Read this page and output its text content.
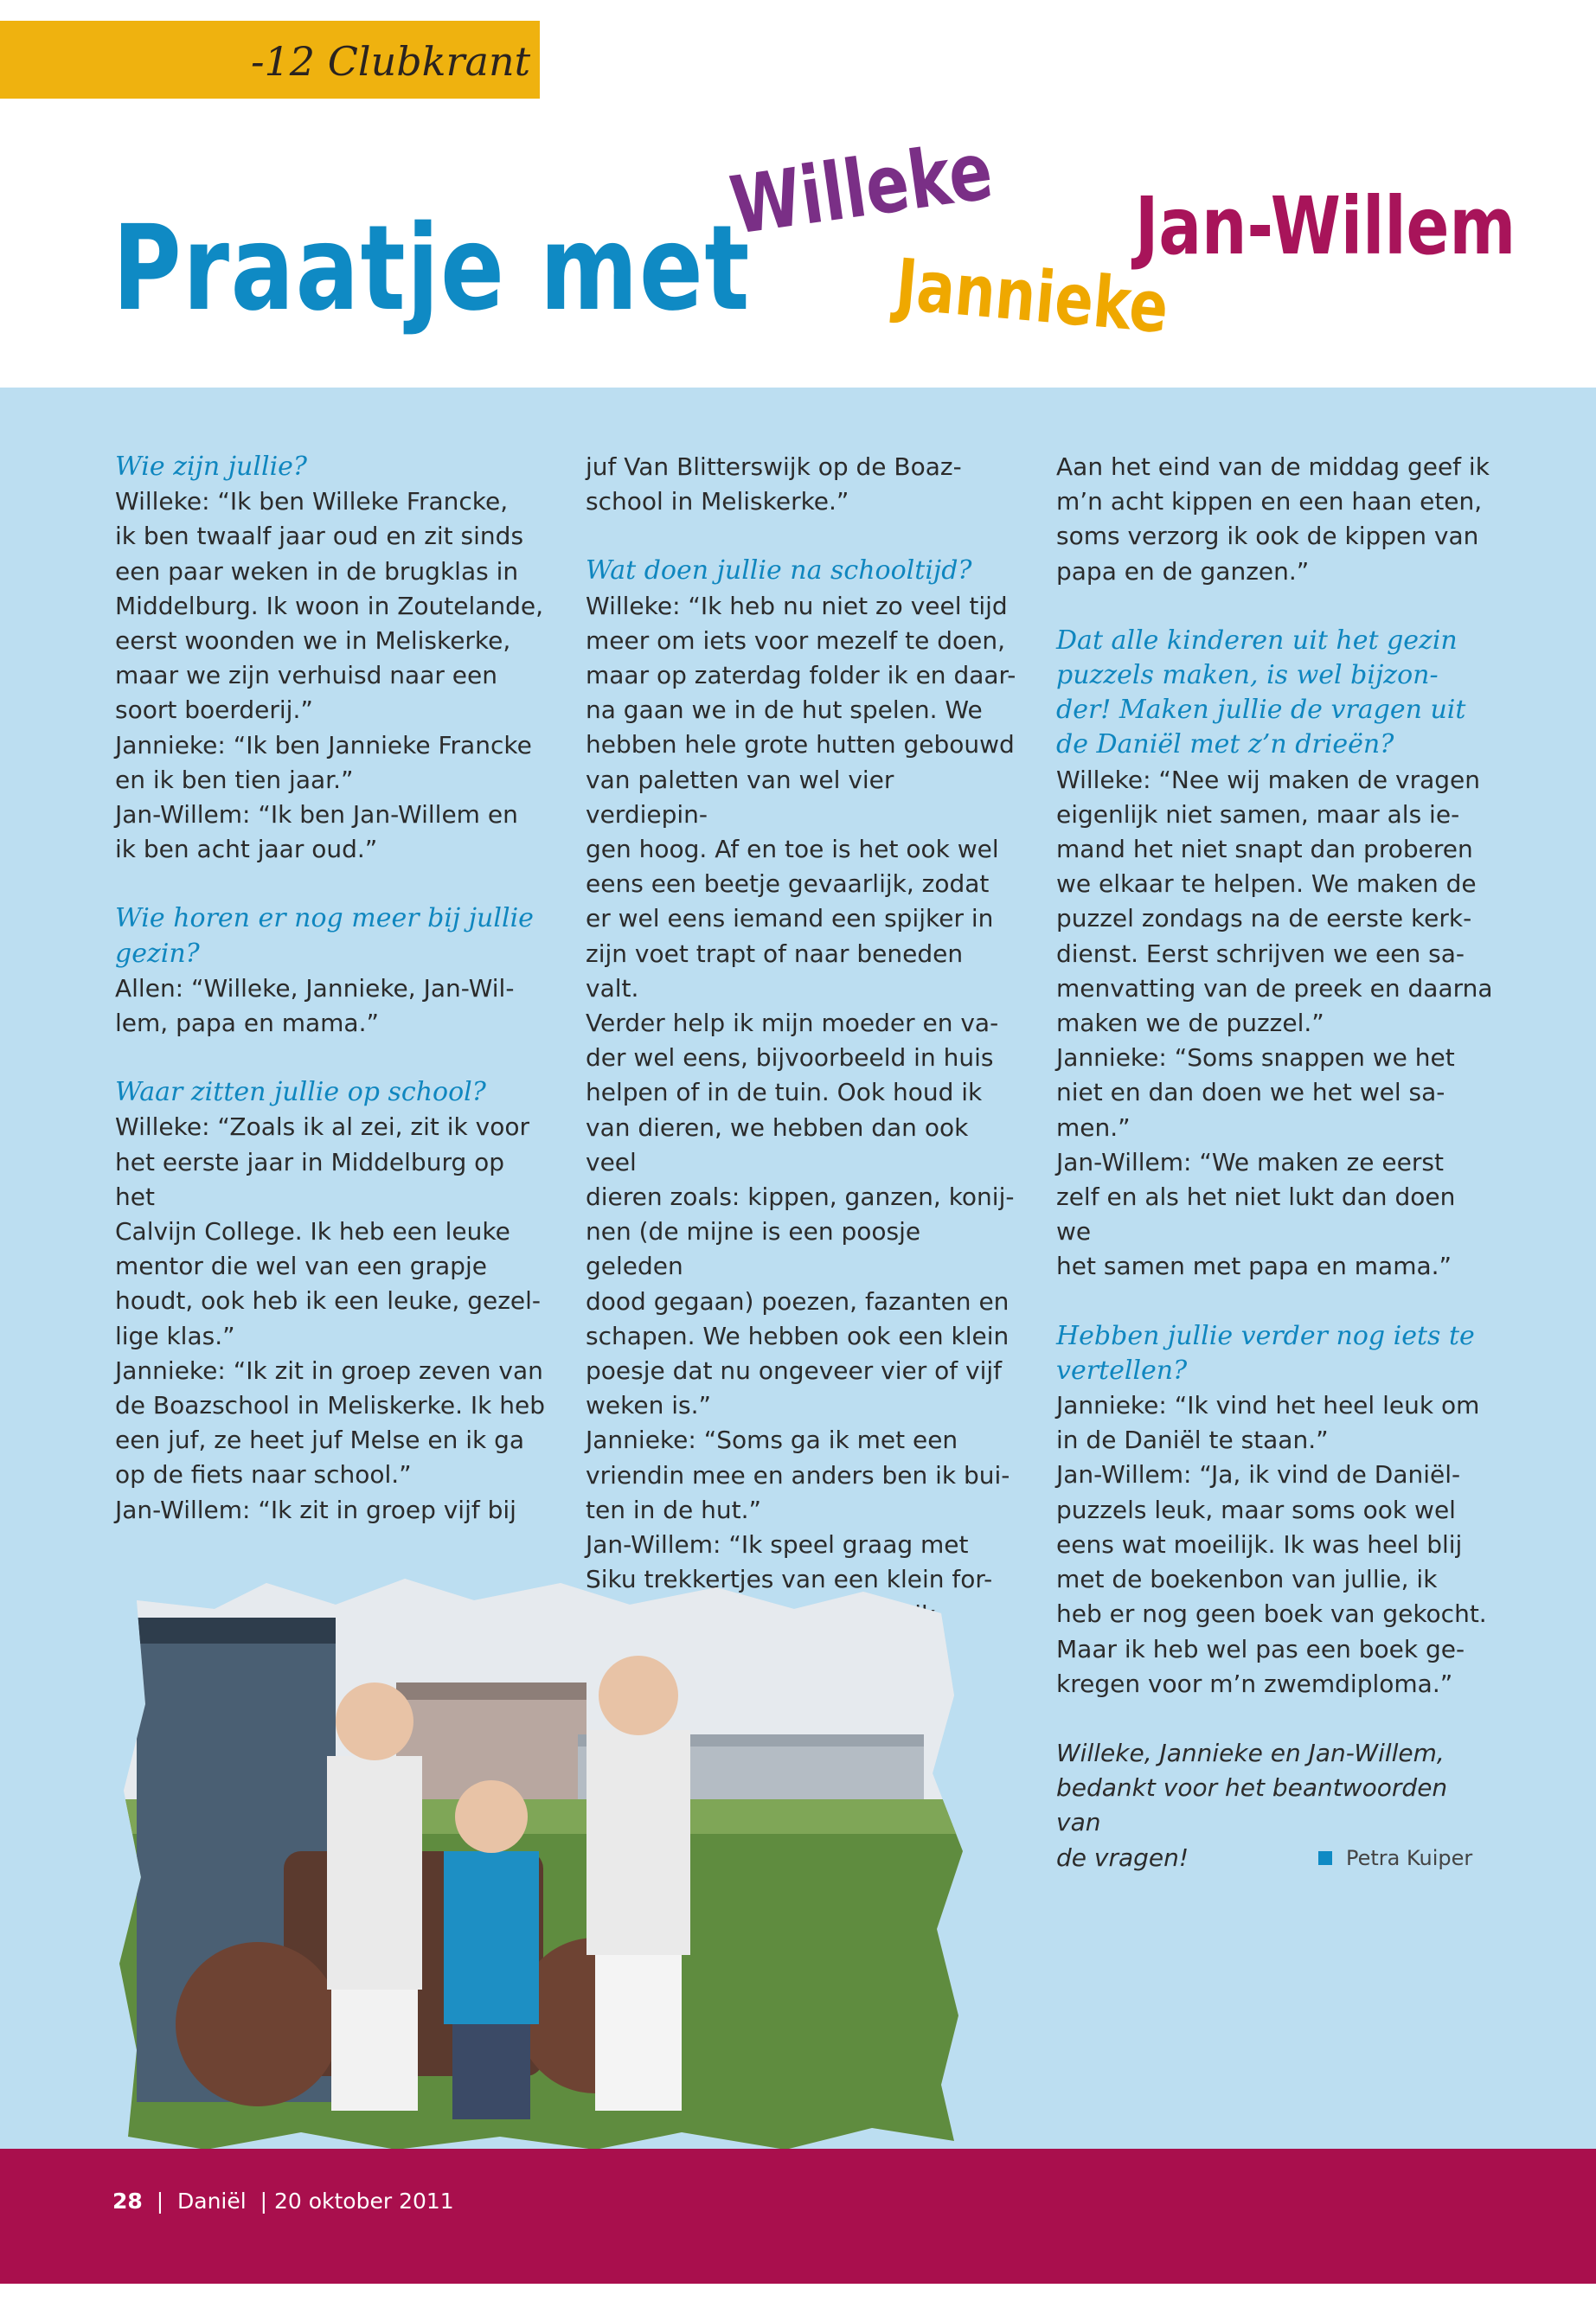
-12 Clubkrant
Praatje met
Willeke
Jannieke
Jan-Willem
Wie zijn jullie?

Willeke: “Ik ben Willeke Francke,

ik ben twaalf jaar oud en zit sinds

een paar weken in de brugklas in

Middelburg. Ik woon in Zoutelande,

eerst woonden we in Meliskerke,

maar we zijn verhuisd naar een

soort boerderij.”

Jannieke: “Ik ben Jannieke Francke

en ik ben tien jaar.”

Jan-Willem: “Ik ben Jan-Willem en

ik ben acht jaar oud.”

Wie horen er nog meer bij jullie
gezin?

Allen: “Willeke, Jannieke, Jan-Wil-

lem, papa en mama.”

Waar zitten jullie op school?

Willeke: “Zoals ik al zei, zit ik voor

het eerste jaar in Middelburg op het

Calvijn College. Ik heb een leuke

mentor die wel van een grapje

houdt, ook heb ik een leuke, gezel-

lige klas.”

Jannieke: “Ik zit in groep zeven van

de Boazschool in Meliskerke. Ik heb

een juf, ze heet juf Melse en ik ga

op de fiets naar school.”

Jan-Willem: “Ik zit in groep vijf bij

juf Van Blitterswijk op de Boaz-

school in Meliskerke.”

Wat doen jullie na schooltijd?

Willeke: “Ik heb nu niet zo veel tijd

meer om iets voor mezelf te doen,

maar op zaterdag folder ik en daar-

na gaan we in de hut spelen. We

hebben hele grote hutten gebouwd

van paletten van wel vier verdiepin-

gen hoog. Af en toe is het ook wel

eens een beetje gevaarlijk, zodat

er wel eens iemand een spijker in

zijn voet trapt of naar beneden valt.

Verder help ik mijn moeder en va-

der wel eens, bijvoorbeeld in huis

helpen of in de tuin. Ook houd ik

van dieren, we hebben dan ook veel

dieren zoals: kippen, ganzen, konij-

nen (de mijne is een poosje geleden

dood gegaan) poezen, fazanten en

schapen. We hebben ook een klein

poesje dat nu ongeveer vier of vijf

weken is.”

Jannieke: “Soms ga ik met een

vriendin mee en anders ben ik bui-

ten in de hut.”

Jan-Willem: “Ik speel graag met

Siku trekkertjes van een klein for-

Aan het eind van de middag geef ik

m’n acht kippen en een haan eten,

soms verzorg ik ook de kippen van

papa en de ganzen.”

Dat alle kinderen uit het gezin
puzzels maken, is wel bijzon-
der! Maken jullie de vragen uit
de Daniël met z’n drieën?

Willeke: “Nee wij maken de vragen

eigenlijk niet samen, maar als ie-

mand het niet snapt dan proberen

we elkaar te helpen. We maken de

puzzel zondags na de eerste kerk-

dienst. Eerst schrijven we een sa-

menvatting van de preek en daarna

maken we de puzzel.”

Jannieke: “Soms snappen we het

niet en dan doen we het wel sa-

men.”

Jan-Willem: “We maken ze eerst

zelf en als het niet lukt dan doen we

het samen met papa en mama.”

Hebben jullie verder nog iets te
vertellen?

Jannieke: “Ik vind het heel leuk om

in de Daniël te staan.”

Jan-Willem: “Ja, ik vind de Daniël-

puzzels leuk, maar soms ook wel

eens wat moeilijk. Ik was heel blij

met de boekenbon van jullie, ik

heb er nog geen boek van gekocht.

Maar ik heb wel pas een boek ge-

kregen voor m’n zwemdiploma.”

Willeke, Jannieke en Jan-Willem,

bedankt voor het beantwoorden van

de vragen!	Petra Kuiper
28  |  Daniël  | 20 oktober 2011
